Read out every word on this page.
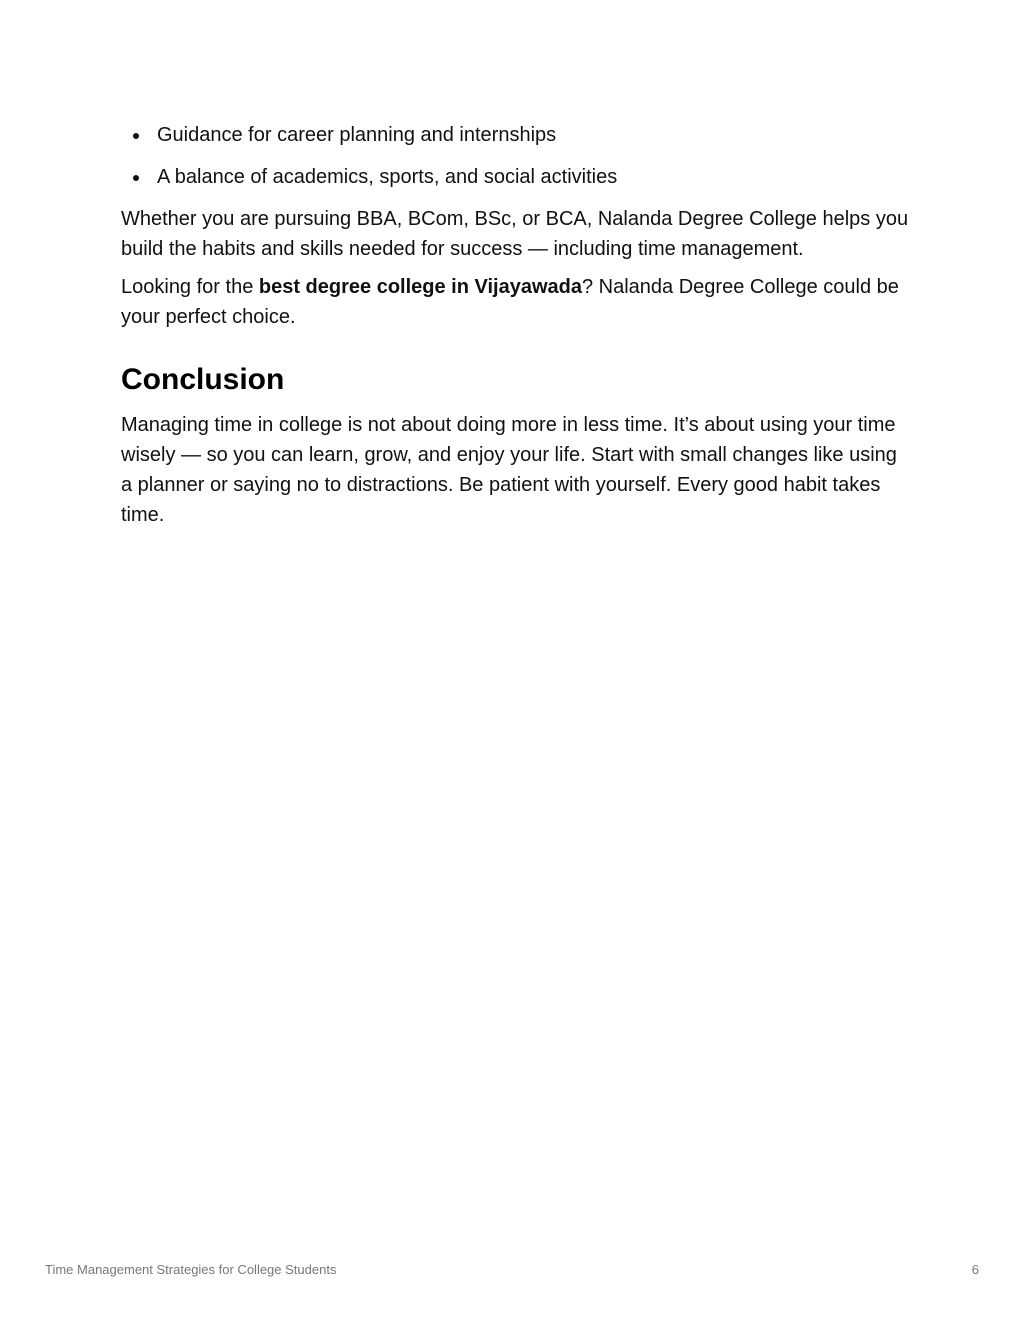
Guidance for career planning and internships
A balance of academics, sports, and social activities

Whether you are pursuing BBA, BCom, BSc, or BCA, Nalanda Degree College helps you build the habits and skills needed for success — including time management.

Looking for the best degree college in Vijayawada? Nalanda Degree College could be your perfect choice.

Conclusion

Managing time in college is not about doing more in less time. It’s about using your time wisely — so you can learn, grow, and enjoy your life. Start with small changes like using a planner or saying no to distractions. Be patient with yourself. Every good habit takes time.

Time Management Strategies for College Students	6
